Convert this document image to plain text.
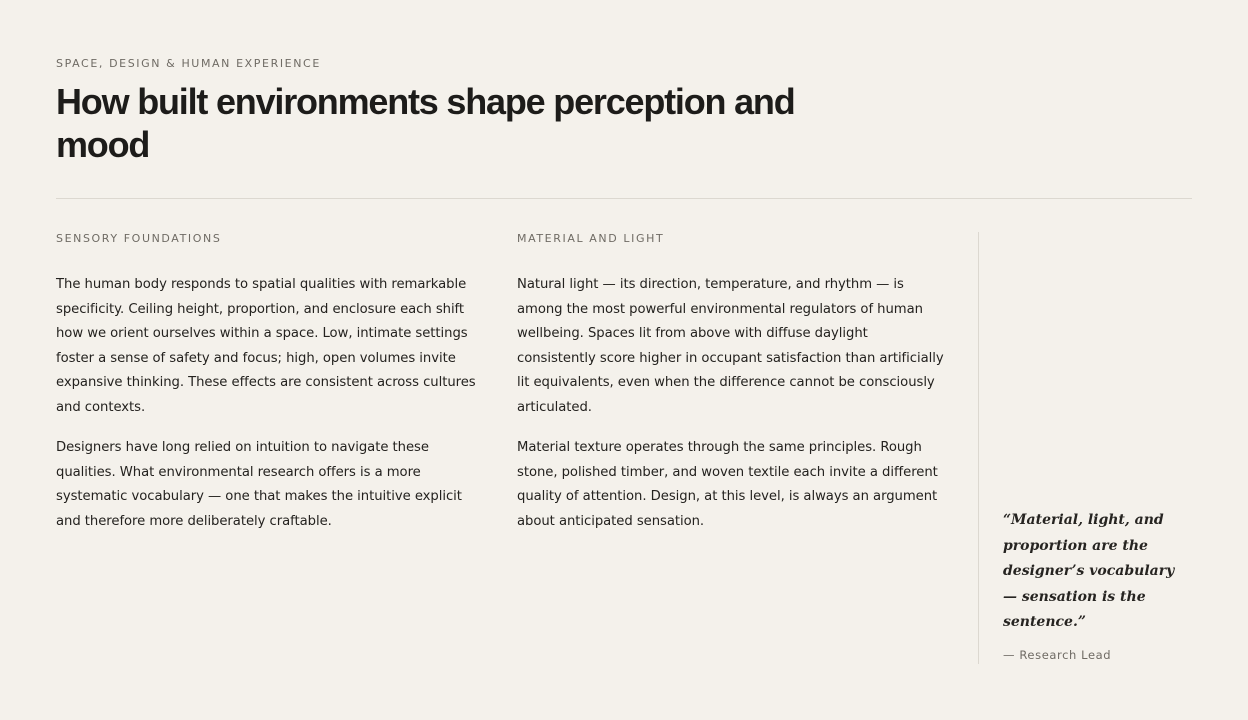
SPACE, DESIGN & HUMAN EXPERIENCE
How built environments shape perception and mood
SENSORY FOUNDATIONS

The human body responds to spatial qualities with remarkable specificity. Ceiling height, proportion, and enclosure each shift how we orient ourselves within a space. Low, intimate settings foster a sense of safety and focus; high, open volumes invite expansive thinking. These effects are consistent across cultures and contexts.

Designers have long relied on intuition to navigate these qualities. What environmental research offers is a more systematic vocabulary — one that makes the intuitive explicit and therefore more deliberately craftable.

MATERIAL AND LIGHT

Natural light — its direction, temperature, and rhythm — is among the most powerful environmental regulators of human wellbeing. Spaces lit from above with diffuse daylight consistently score higher in occupant satisfaction than artificially lit equivalents, even when the difference cannot be consciously articulated.

Material texture operates through the same principles. Rough stone, polished timber, and woven textile each invite a different quality of attention. Design, at this level, is always an argument about anticipated sensation.	“Material, light, and proportion are the designer’s vocabulary — sensation is the sentence.”
— Research Lead
